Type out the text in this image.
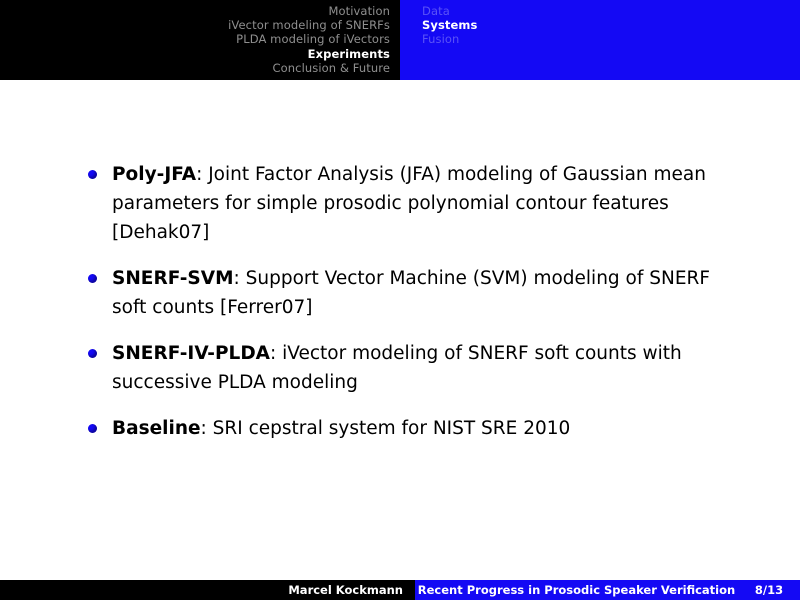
Motivation
iVector modeling of SNERFs
PLDA modeling of iVectors
Experiments
Conclusion & Future
Data
Systems
Fusion
Poly-JFA: Joint Factor Analysis (JFA) modeling of Gaussian mean parameters for simple prosodic polynomial contour features [Dehak07]
SNERF-SVM: Support Vector Machine (SVM) modeling of SNERF soft counts [Ferrer07]
SNERF-IV-PLDA: iVector modeling of SNERF soft counts with successive PLDA modeling
Baseline: SRI cepstral system for NIST SRE 2010
Marcel Kockmann	Recent Progress in Prosodic Speaker Verification	8/13
